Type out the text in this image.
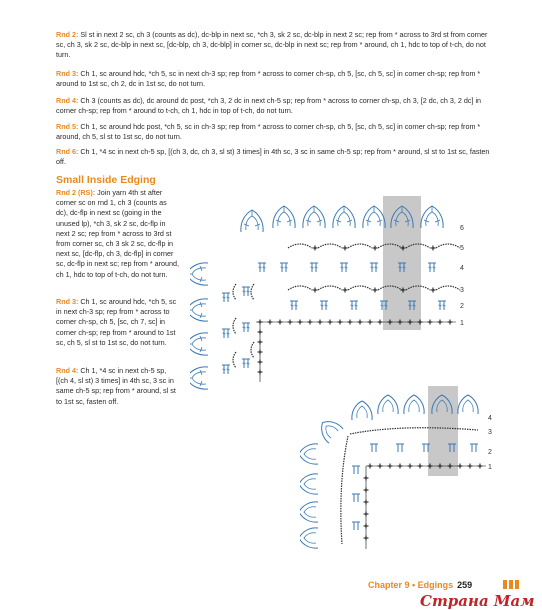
Rnd 2: Sl st in next 2 sc, ch 3 (counts as dc), dc-blp in next sc, *ch 3, sk 2 sc, dc-blp in next 2 sc; rep from * across to 3rd st from corner sc, ch 3, sk 2 sc, dc-blp in next sc, [dc-blp, ch 3, dc-blp] in corner sc, dc-blp in next sc; rep from * around, ch 1, hdc to top of t-ch, do not turn.
Rnd 3: Ch 1, sc around hdc, *ch 5, sc in next ch-3 sp; rep from * across to corner ch-sp, ch 5, [sc, ch 5, sc] in corner ch-sp; rep from * around to 1st sc, ch 2, dc in 1st sc, do not turn.
Rnd 4: Ch 3 (counts as dc), dc around dc post, *ch 3, 2 dc in next ch-5 sp; rep from * across to corner ch-sp, ch 3, [2 dc, ch 3, 2 dc] in corner ch-sp; rep from * around to t-ch, ch 1, hdc in top of t-ch, do not turn.
Rnd 5: Ch 1, sc around hdc post, *ch 5, sc in ch-3 sp; rep from * across to corner ch-sp, ch 5, [sc, ch 5, sc] in corner ch-sp; rep from * around, ch 5, sl st to 1st sc, do not turn.
Rnd 6: Ch 1, *4 sc in next ch-5 sp, [(ch 3, dc, ch 3, sl st) 3 times] in 4th sc, 3 sc in same ch-5 sp; rep from * around, sl st to 1st sc, fasten off.
Small Inside Edging
Rnd 2 (RS): Join yarn 4th st after corner sc on rnd 1, ch 3 (counts as dc), dc-flp in next sc (going in the unused lp), *ch 3, sk 2 sc, dc-flp in next 2 sc; rep from * across to 3rd st from corner sc, ch 3 sk 2 sc, dc-flp in next sc, [dc-flp, ch 3, dc-flp] in corner sc, dc-flp in next sc; rep from * around, ch 1, hdc to top of t-ch, do not turn.
Rnd 3: Ch 1, sc around hdc, *ch 5, sc in next ch-3 sp; rep from * across to corner ch-sp, ch 5, [sc, ch 7, sc] in corner ch-sp; rep from * around to 1st sc, ch 5, sl st to 1st sc, do not turn.
Rnd 4: Ch 1, *4 sc in next ch-5 sp, [(ch 4, sl st) 3 times] in 4th sc, 3 sc in same ch-5 sp; rep from * around, sl st to 1st sc, fasten off.
6
5
4
3
2
1
4
3
2
1
Chapter 9 • Edgings 259
Страна Мам
